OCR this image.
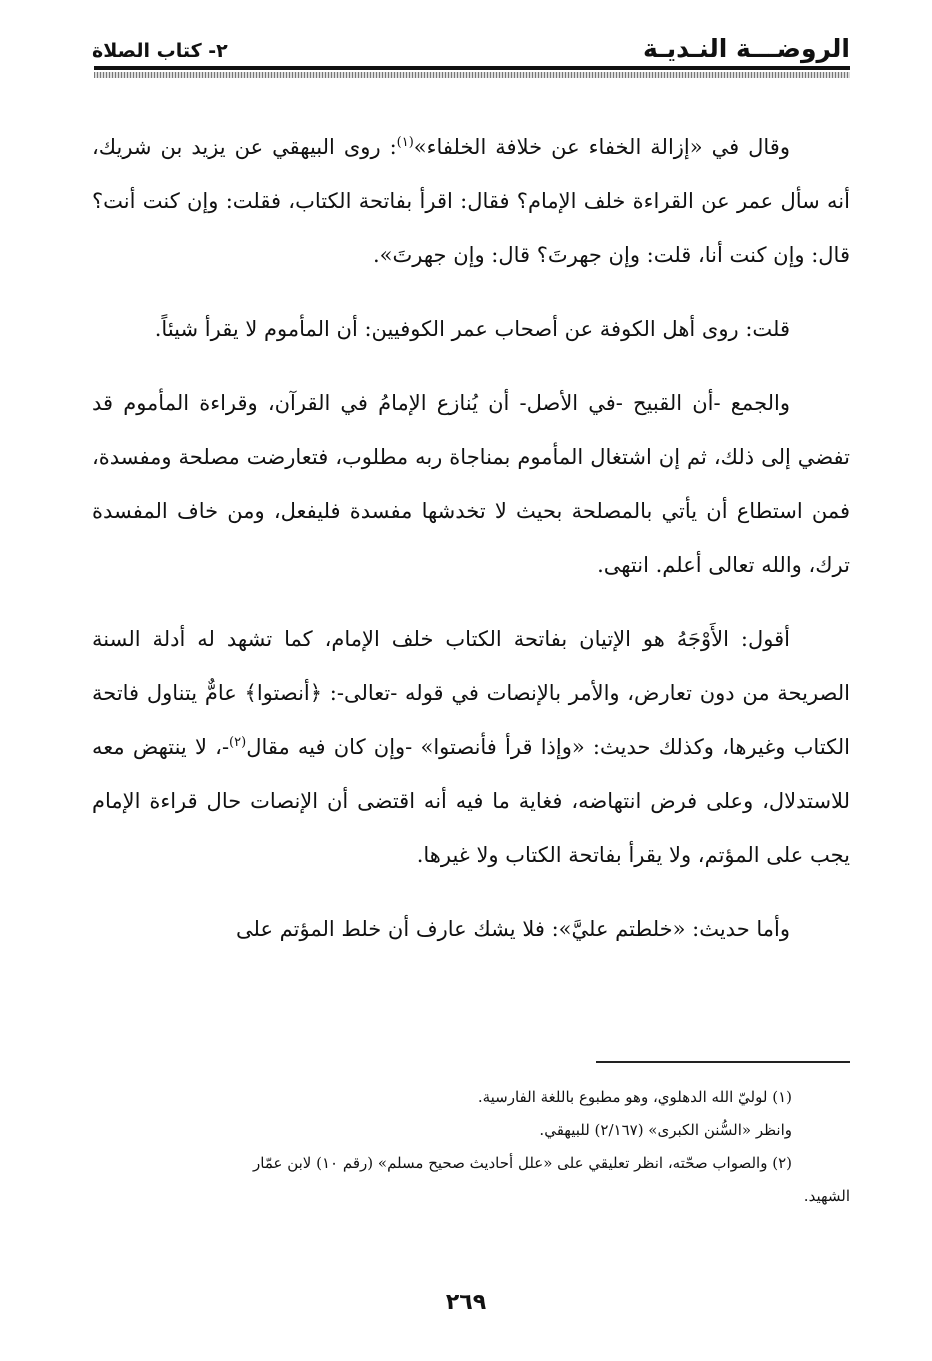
الروضـــة النـديـة
٢- كتاب الصلاة

وقال في «إزالة الخفاء عن خلافة الخلفاء»$^{(١)}$: روى البيهقي عن يزيد بن شريك، أنه سأل عمر عن القراءة خلف الإمام؟ فقال: اقرأ بفاتحة الكتاب، فقلت: وإن كنت أنت؟ قال: وإن كنت أنا، قلت: وإن جهرتَ؟ قال: وإن جهرتَ».

قلت: روى أهل الكوفة عن أصحاب عمر الكوفيين: أن المأموم لا يقرأ شيئاً.

والجمع -أن القبيح -في الأصل- أن يُنازع الإمامُ في القرآن، وقراءة المأموم قد تفضي إلى ذلك، ثم إن اشتغال المأموم بمناجاة ربه مطلوب، فتعارضت مصلحة ومفسدة، فمن استطاع أن يأتي بالمصلحة بحيث لا تخدشها مفسدة فليفعل، ومن خاف المفسدة ترك، والله تعالى أعلم. انتهى.

أقول: الأَوْجَهُ هو الإتيان بفاتحة الكتاب خلف الإمام، كما تشهد له أدلة السنة الصريحة من دون تعارض، والأمر بالإنصات في قوله -تعالى-: ﴿أنصتوا﴾ عامٌّ يتناول فاتحة الكتاب وغيرها، وكذلك حديث: «وإذا قرأ فأنصتوا» -وإن كان فيه مقال$^{(٢)}$-، لا ينتهض معه للاستدلال، وعلى فرض انتهاضه، فغاية ما فيه أنه اقتضى أن الإنصات حال قراءة الإمام يجب على المؤتم، ولا يقرأ بفاتحة الكتاب ولا غيرها.

وأما حديث: «خلطتم عليَّ»: فلا يشك عارف أن خلط المؤتم على

(١) لوليّ الله الدهلوي، وهو مطبوع باللغة الفارسية.

وانظر «السُّنن الكبرى» (٢/١٦٧) للبيهقي.

(٢) والصواب صحّته، انظر تعليقي على «علل أحاديث صحيح مسلم» (رقم ١٠) لابن عمّار

الشهيد.

٢٦٩
